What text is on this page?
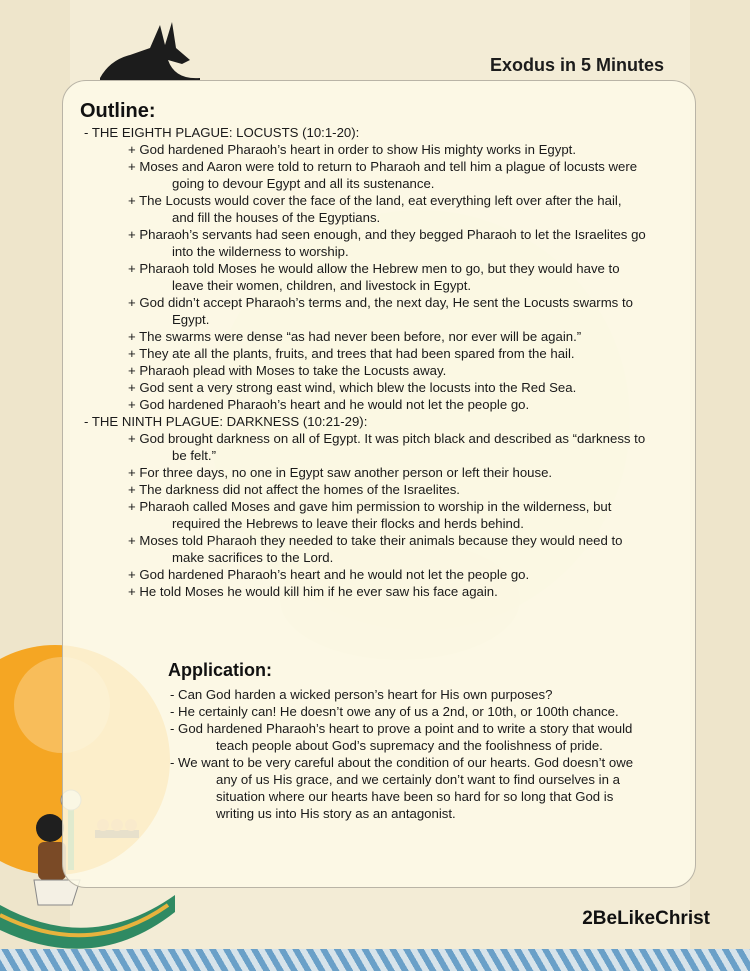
Exodus in 5 Minutes
Outline:
- THE EIGHTH PLAGUE: LOCUSTS (10:1-20):
+ God hardened Pharaoh’s heart in order to show His mighty works in Egypt.
+ Moses and Aaron were told to return to Pharaoh and tell him a plague of locusts were
going to devour Egypt and all its sustenance.
+ The Locusts would cover the face of the land, eat everything left over after the hail,
and fill the houses of the Egyptians.
+ Pharaoh’s servants had seen enough, and they begged Pharaoh to let the Israelites go
into the wilderness to worship.
+ Pharaoh told Moses he would allow the Hebrew men to go, but they would have to
leave their women, children, and livestock in Egypt.
+ God didn’t accept Pharaoh’s terms and, the next day, He sent the Locusts swarms to
Egypt.
+ The swarms were dense “as had never been before, nor ever will be again.”
+ They ate all the plants, fruits, and trees that had been spared from the hail.
+ Pharaoh plead with Moses to take the Locusts away.
+ God sent a very strong east wind, which blew the locusts into the Red Sea.
+ God hardened Pharaoh’s heart and he would not let the people go.
- THE NINTH PLAGUE: DARKNESS (10:21-29):
+ God brought darkness on all of Egypt. It was pitch black and described as “darkness to
be felt.”
+ For three days, no one in Egypt saw another person or left their house.
+ The darkness did not affect the homes of the Israelites.
+ Pharaoh called Moses and gave him permission to worship in the wilderness, but
required the Hebrews to leave their flocks and herds behind.
+ Moses told Pharaoh they needed to take their animals because they would need to
make sacrifices to the Lord.
+ God hardened Pharaoh’s heart and he would not let the people go.
+ He told Moses he would kill him if he ever saw his face again.
Application:
- Can God harden a wicked person’s heart for His own purposes?
- He certainly can! He doesn’t owe any of us a 2nd, or 10th, or 100th chance.
- God hardened Pharaoh’s heart to prove a point and to write a story that would
teach people about God’s supremacy and the foolishness of pride.
- We want to be very careful about the condition of our hearts. God doesn’t owe
any of us His grace, and we certainly don’t want to find ourselves in a
situation where our hearts have been so hard for so long that God is
writing us into His story as an antagonist.
2BeLikeChrist
